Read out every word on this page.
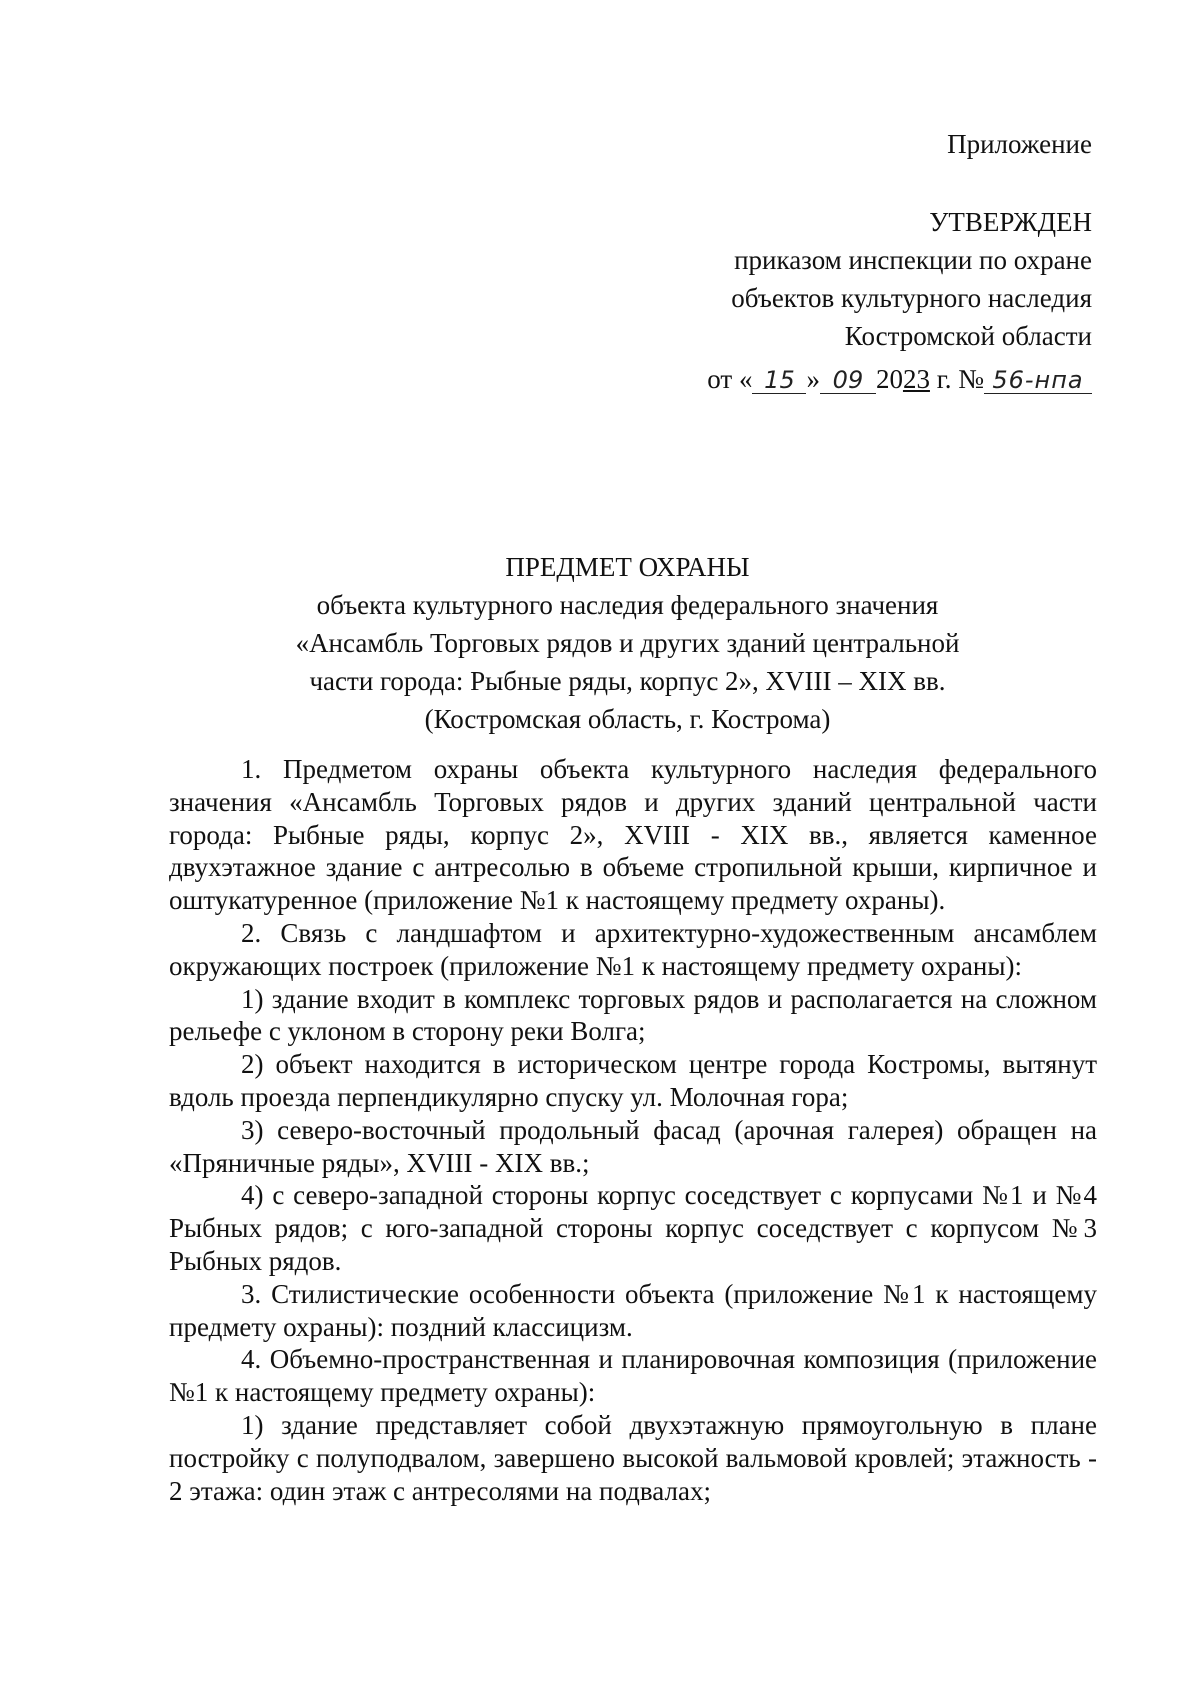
Приложение
УТВЕРЖДЕН
приказом инспекции по охране
объектов культурного наследия
Костромской области
от « 15 » 09 2023 г. № 56-нпа
ПРЕДМЕТ ОХРАНЫ
объекта культурного наследия федерального значения
«Ансамбль Торговых рядов и других зданий центральной
части города: Рыбные ряды, корпус 2», XVIII – XIX вв.
(Костромская область, г. Кострома)

1. Предметом охраны объекта культурного наследия федерального значения «Ансамбль Торговых рядов и других зданий центральной части города: Рыбные ряды, корпус 2», XVIII - XIX вв., является каменное двухэтажное здание с антресолью в объеме стропильной крыши, кирпичное и оштукатуренное (приложение №1 к настоящему предмету охраны).

2. Связь с ландшафтом и архитектурно-художественным ансамблем окружающих построек (приложение №1 к настоящему предмету охраны):

1) здание входит в комплекс торговых рядов и располагается на сложном рельефе с уклоном в сторону реки Волга;

2) объект находится в историческом центре города Костромы, вытянут вдоль проезда перпендикулярно спуску ул. Молочная гора;

3) северо-восточный продольный фасад (арочная галерея) обращен на «Пряничные ряды», XVIII - XIX вв.;

4) с северо-западной стороны корпус соседствует с корпусами №1 и №4 Рыбных рядов; с юго-западной стороны корпус соседствует с корпусом №3 Рыбных рядов.

3. Стилистические особенности объекта (приложение №1 к настоящему предмету охраны): поздний классицизм.

4. Объемно-пространственная и планировочная композиция (приложение №1 к настоящему предмету охраны):

1) здание представляет собой двухэтажную прямоугольную в плане постройку с полуподвалом, завершено высокой вальмовой кровлей; этажность - 2 этажа: один этаж с антресолями на подвалах;
